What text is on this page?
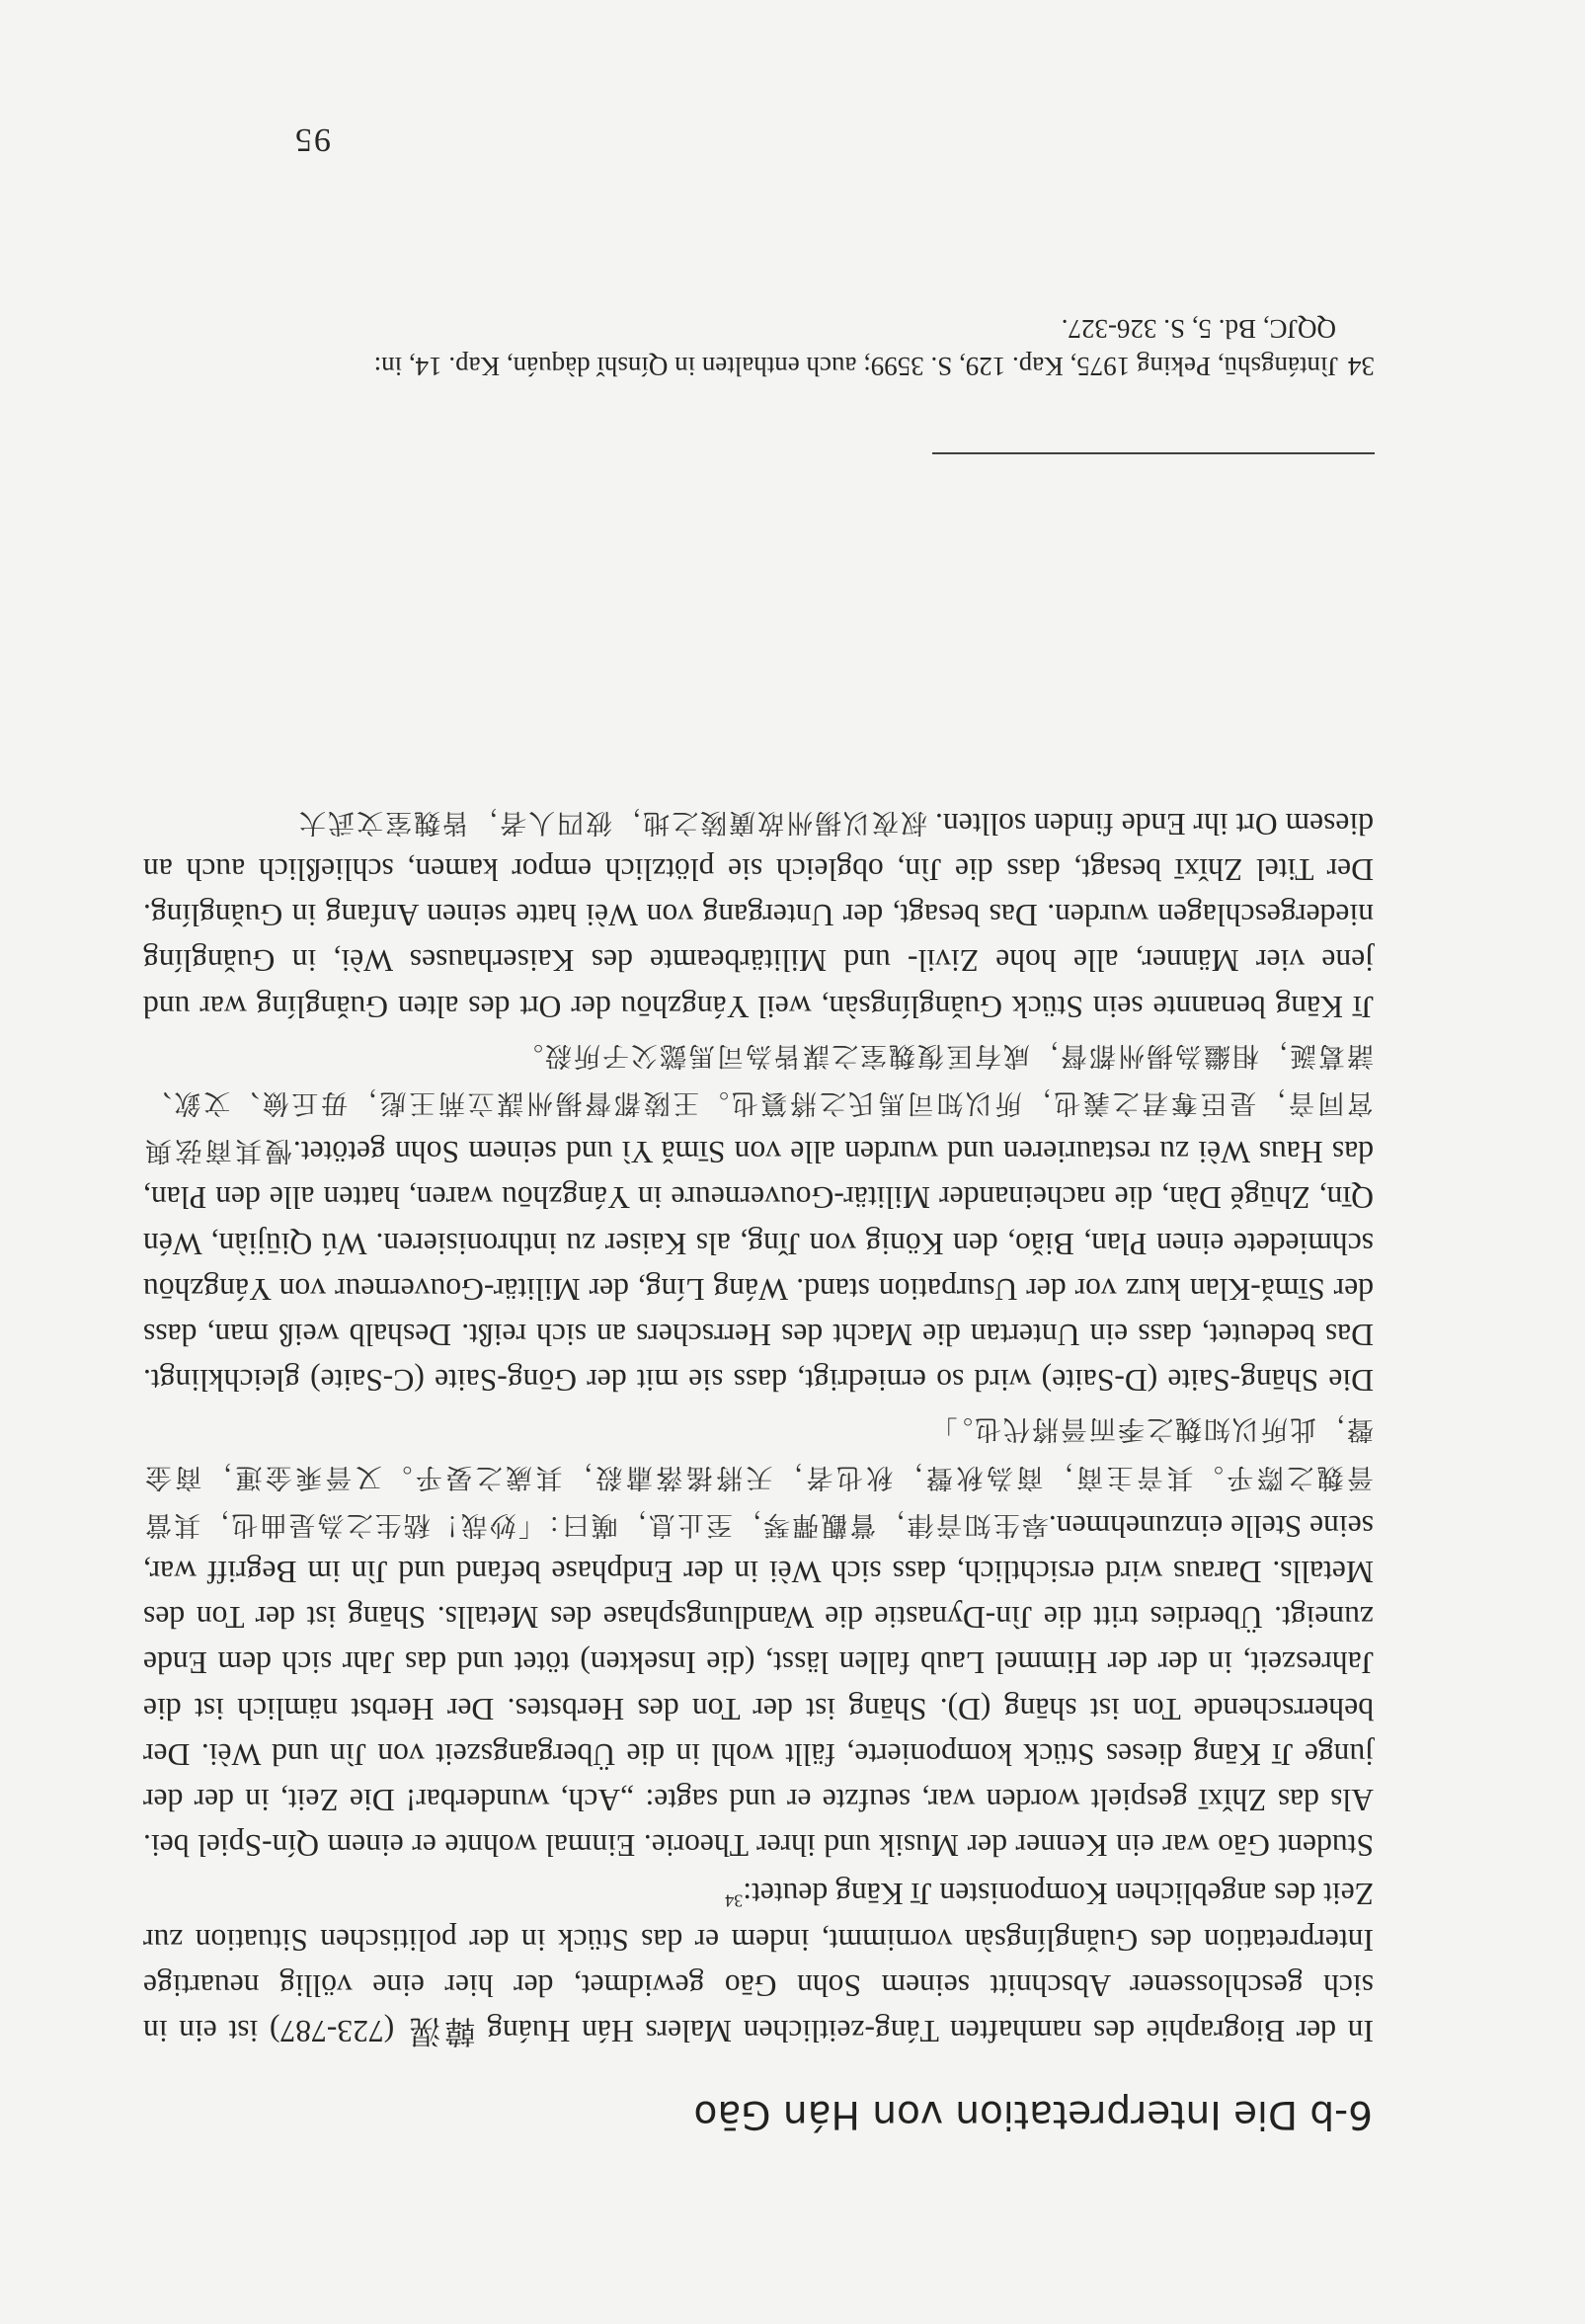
6-b Die Interpretation von Hán Gāo

In der Biographie des namhaften Táng-zeitlichen Malers Hán Huáng 韓滉 (723-787) ist ein in sich geschlossener Abschnitt seinem Sohn Gāo gewidmet, der hier eine völlig neuartige Interpretation des Guǎnglíngsàn vornimmt, indem er das Stück in der politischen Situation zur Zeit des angeblichen Komponisten Jī Kāng deutet:$^{34}$

Student Gāo war ein Kenner der Musik und ihrer Theorie. Einmal wohnte er einem Qín-Spiel bei. Als das Zhǐxī gespielt worden war, seufzte er und sagte: „Ach, wunderbar! Die Zeit, in der der junge Jī Kāng dieses Stück komponierte, fällt wohl in die Übergangszeit von Jìn und Wèi. Der beherrschende Ton ist shāng (D). Shāng ist der Ton des Herbstes. Der Herbst nämlich ist die Jahreszeit, in der der Himmel Laub fallen lässt, (die Insekten) tötet und das Jahr sich dem Ende zuneigt. Überdies tritt die Jìn-Dynastie die Wandlungsphase des Metalls. Shāng ist der Ton des Metalls. Daraus wird ersichtlich, dass sich Wèi in der Endphase befand und Jìn im Begriff war, seine Stelle einzunehmen.皋生知音律，嘗觀彈琴，至止息，嘆曰：「妙哉！嵇生之為是曲也，其當晉魏之際乎。其音主商，商為秋聲，秋也者，天將搖落肅殺，其歲之晏乎。又晉乘金運，商金聲，此所以知魏之季而晉將代也。」

Die Shāng-Saite (D-Saite) wird so erniedrigt, dass sie mit der Gōng-Saite (C-Saite) gleichklingt. Das bedeutet, dass ein Untertan die Macht des Herrschers an sich reißt. Deshalb weiß man, dass der Sīmǎ-Klan kurz vor der Usurpation stand. Wáng Líng, der Militär-Gouverneur von Yángzhōu schmiedete einen Plan, Biǎo, den König von Jǐng, als Kaiser zu inthronisieren. Wú Qiūjiàn, Wén Qīn, Zhūgě Dàn, die nacheinander Militär-Gouverneure in Yángzhōu waren, hatten alle den Plan, das Haus Wèi zu restaurieren und wurden alle von Sīmǎ Yì und seinem Sohn getötet.慢其商弦與宮同音，是臣奪君之義也，所以知司馬氏之將篡也。王陵都督揚州謀立荊王彪，毋丘儉、文欽、諸葛誕，相繼為揚州都督，咸有匡復魏室之謀皆為司馬懿父子所殺。

Jī Kāng benannte sein Stück Guǎnglíngsàn, weil Yángzhōu der Ort des alten Guǎnglíng war und jene vier Männer, alle hohe Zivil- und Militärbeamte des Kaiserhauses Wèi, in Guǎnglíng niedergeschlagen wurden. Das besagt, der Untergang von Wèi hatte seinen Anfang in Guǎnglíng. Der Titel Zhǐxī besagt, dass die Jìn, obgleich sie plötzlich empor kamen, schließlich auch an diesem Ort ihr Ende finden sollten. 叔夜以揚州故廣陵之地，彼四人者，皆魏室文武大

34Jìntángshū, Peking 1975, Kap. 129, S. 3599; auch enthalten in Qínshǐ dàquán, Kap. 14, in:
QQJC, Bd. 5, S. 326-327.
95
